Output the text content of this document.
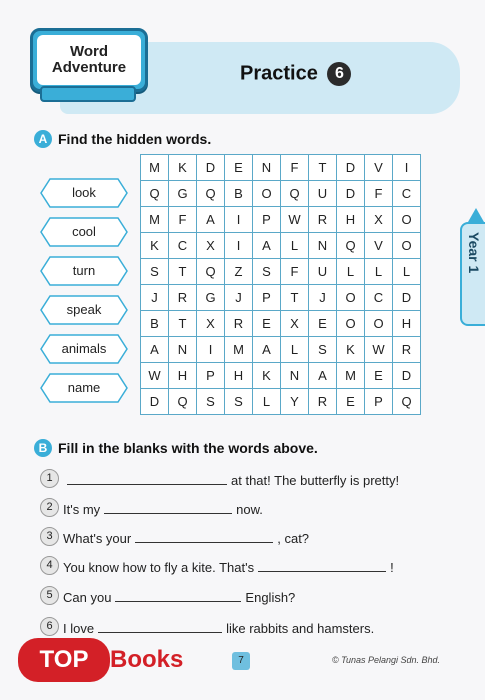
Word
Adventure	Practice 6
Year 1
A Find the hidden words.
look
cool
turn
speak
animals
name
M	K	D	E	N	F	T	D	V	I
Q	G	Q	B	O	Q	U	D	F	C
M	F	A	I	P	W	R	H	X	O
K	C	X	I	A	L	N	Q	V	O
S	T	Q	Z	S	F	U	L	L	L
J	R	G	J	P	T	J	O	C	D
B	T	X	R	E	X	E	O	O	H
A	N	I	M	A	L	S	K	W	R
W	H	P	H	K	N	A	M	E	D
D	Q	S	S	L	Y	R	E	P	Q
B Fill in the blanks with the words above.
1	at that! The butterfly is pretty!
2 It's my	now.
3 What's your	, cat?
4 You know how to fly a kite. That's	!
5 Can you	English?
6 I love	like rabbits and hamsters.
TOP Books	7	© Tunas Pelangi Sdn. Bhd.
